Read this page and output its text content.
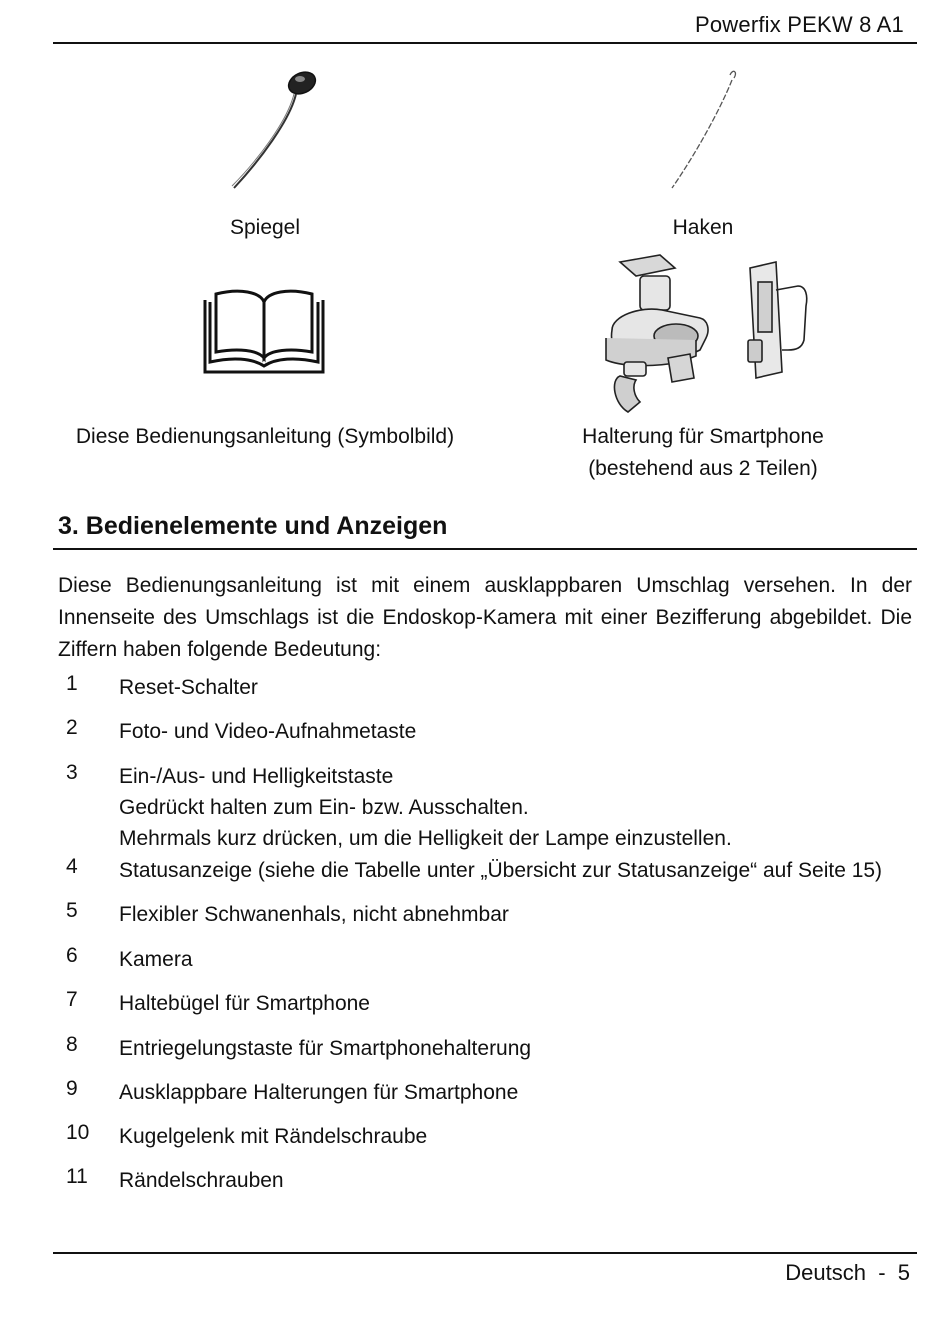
Powerfix PEKW 8 A1
Spiegel	Haken
Diese Bedienungsanleitung (Symbolbild)	Halterung für Smartphone
(bestehend aus 2 Teilen)
3. Bedienelemente und Anzeigen
Diese Bedienungsanleitung ist mit einem ausklappbaren Umschlag versehen. In der Innenseite des Umschlags ist die Endoskop-Kamera mit einer Bezifferung abgebildet. Die Ziffern haben folgende Bedeutung:
1 Reset-Schalter
2 Foto- und Video-Aufnahmetaste
3 Ein-/Aus- und Helligkeitstaste
Gedrückt halten zum Ein- bzw. Ausschalten.
Mehrmals kurz drücken, um die Helligkeit der Lampe einzustellen.
4 Statusanzeige (siehe die Tabelle unter „Übersicht zur Statusanzeige“ auf Seite 15)
5 Flexibler Schwanenhals, nicht abnehmbar
6 Kamera
7 Haltebügel für Smartphone
8 Entriegelungstaste für Smartphonehalterung
9 Ausklappbare Halterungen für Smartphone
10 Kugelgelenk mit Rändelschraube
11 Rändelschrauben
Deutsch  -  5
